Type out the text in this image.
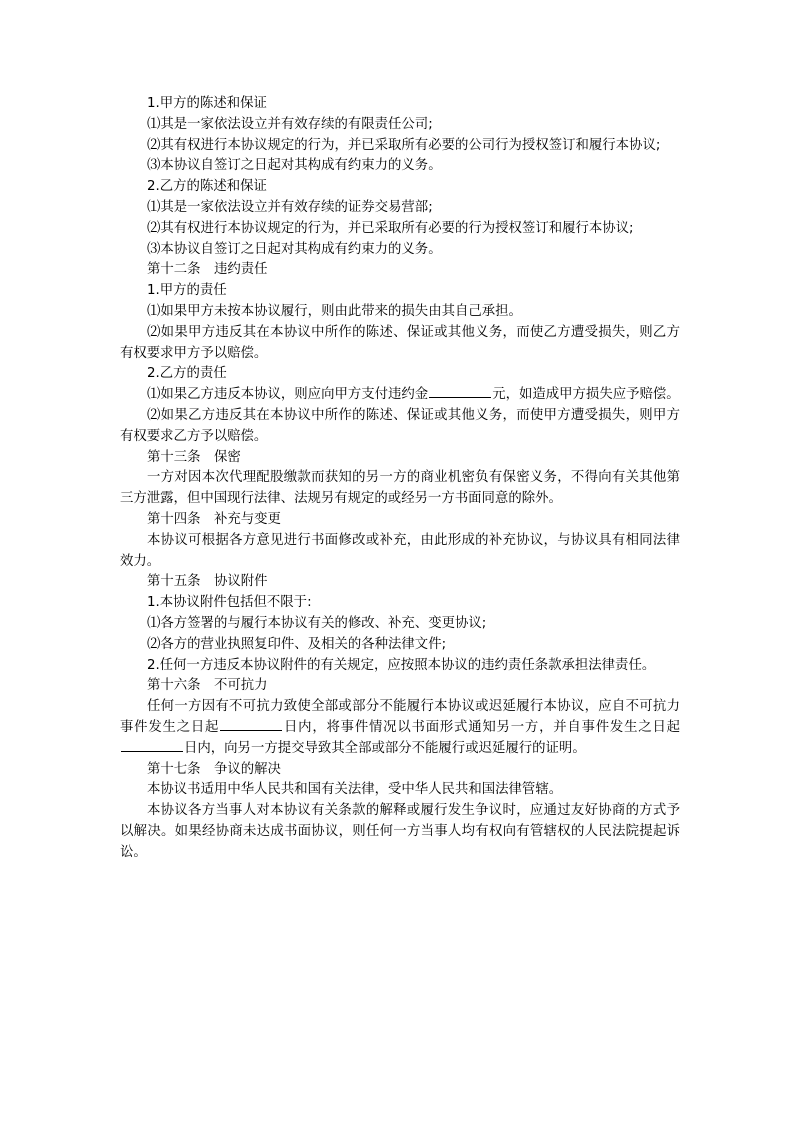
1.甲方的陈述和保证

⑴其是一家依法设立并有效存续的有限责任公司;

⑵其有权进行本协议规定的行为，并已采取所有必要的公司行为授权签订和履行本协议;

⑶本协议自签订之日起对其构成有约束力的义务。

2.乙方的陈述和保证

⑴其是一家依法设立并有效存续的证券交易营部;

⑵其有权进行本协议规定的行为，并已采取所有必要的行为授权签订和履行本协议;

⑶本协议自签订之日起对其构成有约束力的义务。

第十二条　违约责任

1.甲方的责任

⑴如果甲方未按本协议履行，则由此带来的损失由其自己承担。

⑵如果甲方违反其在本协议中所作的陈述、保证或其他义务，而使乙方遭受损失，则乙方有权要求甲方予以赔偿。

2.乙方的责任

⑴如果乙方违反本协议，则应向甲方支付违约金	元，如造成甲方损失应予赔偿。

⑵如果乙方违反其在本协议中所作的陈述、保证或其他义务，而使甲方遭受损失，则甲方有权要求乙方予以赔偿。

第十三条　保密

一方对因本次代理配股缴款而获知的另一方的商业机密负有保密义务，不得向有关其他第三方泄露，但中国现行法律、法规另有规定的或经另一方书面同意的除外。

第十四条　补充与变更

本协议可根据各方意见进行书面修改或补充，由此形成的补充协议，与协议具有相同法律效力。

第十五条　协议附件

1.本协议附件包括但不限于:

⑴各方签署的与履行本协议有关的修改、补充、变更协议;

⑵各方的营业执照复印件、及相关的各种法律文件;

2.任何一方违反本协议附件的有关规定，应按照本协议的违约责任条款承担法律责任。

第十六条　不可抗力

任何一方因有不可抗力致使全部或部分不能履行本协议或迟延履行本协议，应自不可抗力事件发生之日起	日内，将事件情况以书面形式通知另一方，并自事件发生之日起日内，向另一方提交导致其全部或部分不能履行或迟延履行的证明。

第十七条　争议的解决

本协议书适用中华人民共和国有关法律，受中华人民共和国法律管辖。

本协议各方当事人对本协议有关条款的解释或履行发生争议时，应通过友好协商的方式予以解决。如果经协商未达成书面协议，则任何一方当事人均有权向有管辖权的人民法院提起诉讼。
